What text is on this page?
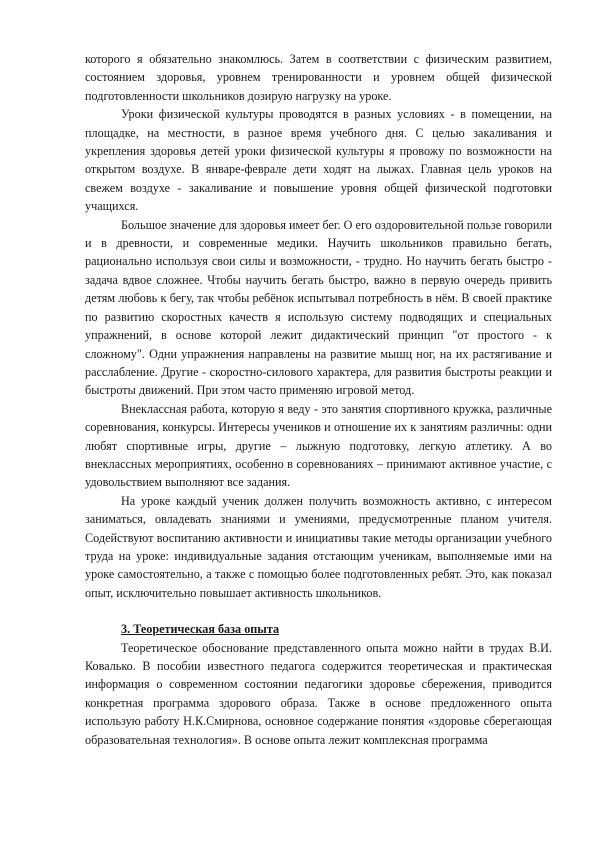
которого я обязательно знакомлюсь. Затем в соответствии с физическим развитием, состоянием здоровья, уровнем тренированности и уровнем общей физической подготовленности школьников дозирую нагрузку на уроке.

Уроки физической культуры проводятся в разных условиях - в помещении, на площадке, на местности, в разное время учебного дня. С целью закаливания и укрепления здоровья детей уроки физической культуры я провожу по возможности на открытом воздухе. В январе-феврале дети ходят на лыжах. Главная цель уроков на свежем воздухе - закаливание и повышение уровня общей физической подготовки учащихся.

Большое значение для здоровья имеет бег. О его оздоровительной пользе говорили и в древности, и современные медики. Научить школьников правильно бегать, рационально используя свои силы и возможности, - трудно. Но научить бегать быстро - задача вдвое сложнее. Чтобы научить бегать быстро, важно в первую очередь привить детям любовь к бегу, так чтобы ребёнок испытывал потребность в нём. В своей практике по развитию скоростных качеств я использую систему подводящих и специальных упражнений, в основе которой лежит дидактический принцип "от простого - к сложному". Одни упражнения направлены на развитие мышц ног, на их растягивание и расслабление. Другие - скоростно-силового характера, для развития быстроты реакции и быстроты движений. При этом часто применяю игровой метод.

Внеклассная работа, которую я веду - это занятия спортивного кружка, различные соревнования, конкурсы. Интересы учеников и отношение их к занятиям различны: одни любят спортивные игры, другие – лыжную подготовку, легкую атлетику. А во внеклассных мероприятиях, особенно в соревнованиях – принимают активное участие, с удовольствием выполняют все задания.

На уроке каждый ученик должен получить возможность активно, с интересом заниматься, овладевать знаниями и умениями, предусмотренные планом учителя. Содействуют воспитанию активности и инициативы такие методы организации учебного труда на уроке: индивидуальные задания отстающим ученикам, выполняемые ими на уроке самостоятельно, а также с помощью более подготовленных ребят. Это, как показал опыт, исключительно повышает активность школьников.

3. Теоретическая база опыта

Теоретическое обоснование представленного опыта можно найти в трудах В.И. Ковалько. В пособии известного педагога содержится теоретическая и практическая информация о современном состоянии педагогики здоровье сбережения, приводится конкретная программа здорового образа. Также в основе предложенного опыта использую работу Н.К.Смирнова, основное содержание понятия «здоровье сберегающая образовательная технология». В основе опыта лежит комплексная программа
